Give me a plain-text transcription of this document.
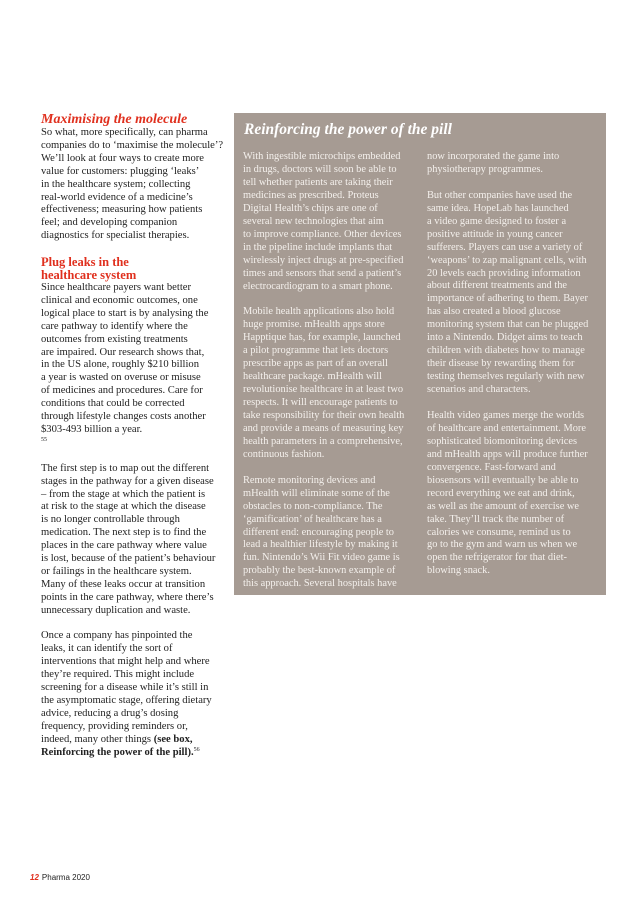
Maximising the molecule
So what, more specifically, can pharma
companies do to ‘maximise the molecule’?
We’ll look at four ways to create more
value for customers: plugging ‘leaks’
in the healthcare system; collecting
real-world evidence of a medicine’s
effectiveness; measuring how patients
feel; and developing companion
diagnostics for specialist therapies.
Plug leaks in the
healthcare system
Since healthcare payers want better
clinical and economic outcomes, one
logical place to start is by analysing the
care pathway to identify where the
outcomes from existing treatments
are impaired. Our research shows that,
in the US alone, roughly $210 billion
a year is wasted on overuse or misuse
of medicines and procedures. Care for
conditions that could be corrected
through lifestyle changes costs another
$303-493 billion a year.
$^{55}$
The first step is to map out the different
stages in the pathway for a given disease
– from the stage at which the patient is
at risk to the stage at which the disease
is no longer controllable through
medication. The next step is to find the
places in the care pathway where value
is lost, because of the patient’s behaviour
or failings in the healthcare system.
Many of these leaks occur at transition
points in the care pathway, where there’s
unnecessary duplication and waste.
Once a company has pinpointed the
leaks, it can identify the sort of
interventions that might help and where
they’re required. This might include
screening for a disease while it’s still in
the asymptomatic stage, offering dietary
advice, reducing a drug’s dosing
frequency, providing reminders or,
indeed, many other things (see box,
Reinforcing the power of the pill).$^{56}$
Reinforcing the power of the pill
With ingestible microchips embedded
in drugs, doctors will soon be able to
tell whether patients are taking their
medicines as prescribed. Proteus
Digital Health’s chips are one of
several new technologies that aim
to improve compliance. Other devices
in the pipeline include implants that
wirelessly inject drugs at pre-specified
times and sensors that send a patient’s
electrocardiogram to a smart phone.
Mobile health applications also hold
huge promise. mHealth apps store
Happtique has, for example, launched
a pilot programme that lets doctors
prescribe apps as part of an overall
healthcare package. mHealth will
revolutionise healthcare in at least two
respects. It will encourage patients to
take responsibility for their own health
and provide a means of measuring key
health parameters in a comprehensive,
continuous fashion.
Remote monitoring devices and
mHealth will eliminate some of the
obstacles to non-compliance. The
‘gamification’ of healthcare has a
different end: encouraging people to
lead a healthier lifestyle by making it
fun. Nintendo’s Wii Fit video game is
probably the best-known example of
this approach. Several hospitals have
now incorporated the game into
physiotherapy programmes.
But other companies have used the
same idea. HopeLab has launched
a video game designed to foster a
positive attitude in young cancer
sufferers. Players can use a variety of
‘weapons’ to zap malignant cells, with
20 levels each providing information
about different treatments and the
importance of adhering to them. Bayer
has also created a blood glucose
monitoring system that can be plugged
into a Nintendo. Didget aims to teach
children with diabetes how to manage
their disease by rewarding them for
testing themselves regularly with new
scenarios and characters.
Health video games merge the worlds
of healthcare and entertainment. More
sophisticated biomonitoring devices
and mHealth apps will produce further
convergence. Fast-forward and
biosensors will eventually be able to
record everything we eat and drink,
as well as the amount of exercise we
take. They’ll track the number of
calories we consume, remind us to
go to the gym and warn us when we
open the refrigerator for that diet-
blowing snack.
12 Pharma 2020
